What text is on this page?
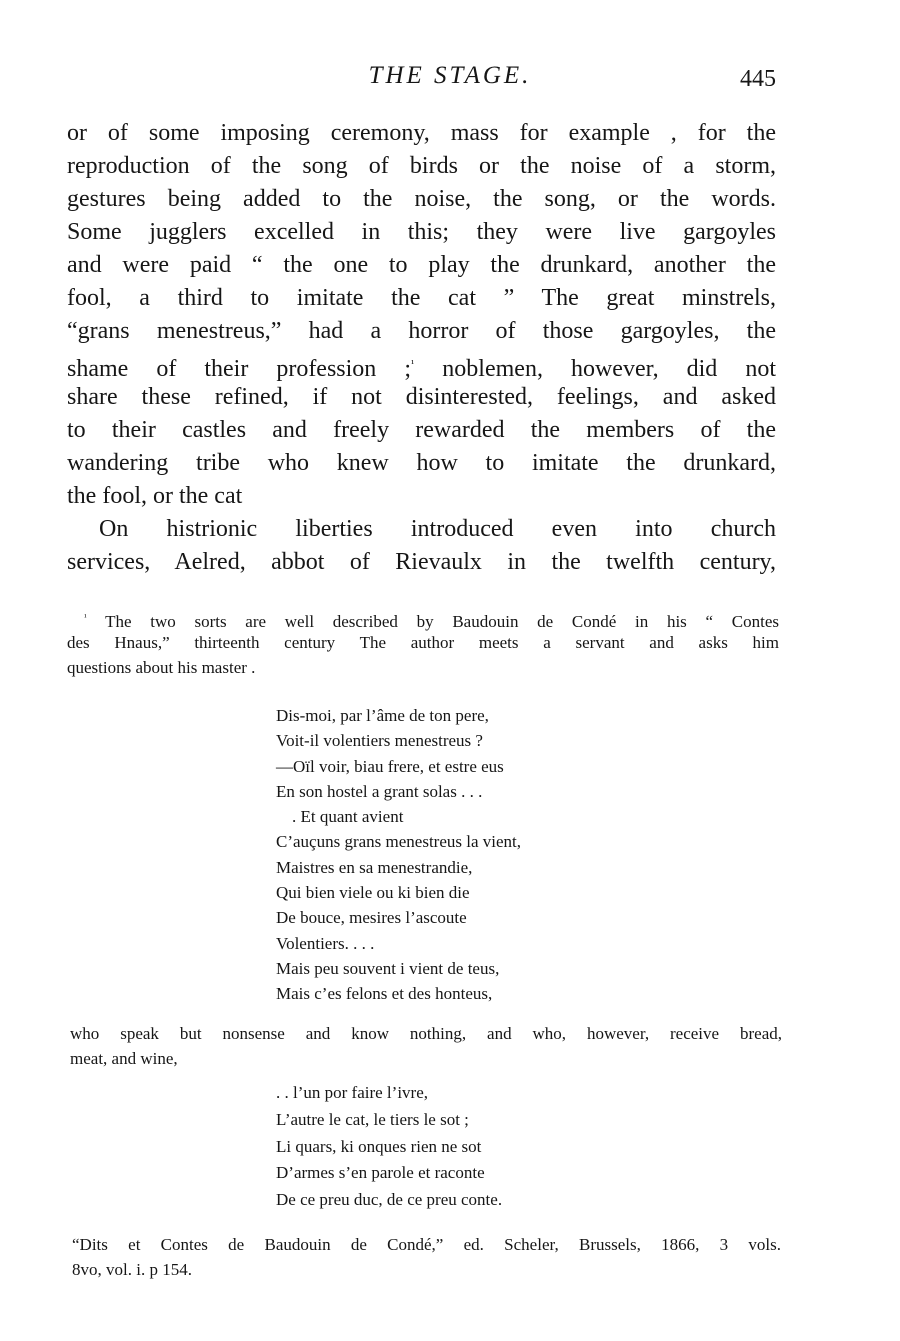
THE STAGE.	445
or of some imposing ceremony, mass for example , for the
reproduction of the song of birds or the noise of a storm,
gestures being added to the noise, the song, or the words.
Some jugglers excelled in this; they were live gargoyles
and were paid “ the one to play the drunkard, another the
fool, a third to imitate the cat ” The great minstrels,
“grans menestreus,” had a horror of those gargoyles, the
shame of their profession ;$^{^1}$ noblemen, however, did not
share these refined, if not disinterested, feelings, and asked
to their castles and freely rewarded the members of the
wandering tribe who knew how to imitate the drunkard,
the fool, or the cat
On histrionic liberties introduced even into church
services, Aelred, abbot of Rievaulx in the twelfth century,
$^{^1}$ The two sorts are well described by Baudouin de Condé in his “ Contes
des Hnaus,” thirteenth century The author meets a servant and asks him
questions about his master .
Dis-moi, par l’âme de ton pere,
Voit-il volentiers menestreus ?
—Oïl voir, biau frere, et estre eus
En son hostel a grant solas . . .
. Et quant avient
C’auçuns grans menestreus la vient,
Maistres en sa menestrandie,
Qui bien viele ou ki bien die
De bouce, mesires l’ascoute
Volentiers. . . .
Mais peu souvent i vient de teus,
Mais c’es felons et des honteus,
who speak but nonsense and know nothing, and who, however, receive bread,
meat, and wine,
. . l’un por faire l’ivre,
L’autre le cat, le tiers le sot ;
Li quars, ki onques rien ne sot
D’armes s’en parole et raconte
De ce preu duc, de ce preu conte.
“Dits et Contes de Baudouin de Condé,” ed. Scheler, Brussels, 1866, 3 vols.
8vo, vol. i. p 154.
